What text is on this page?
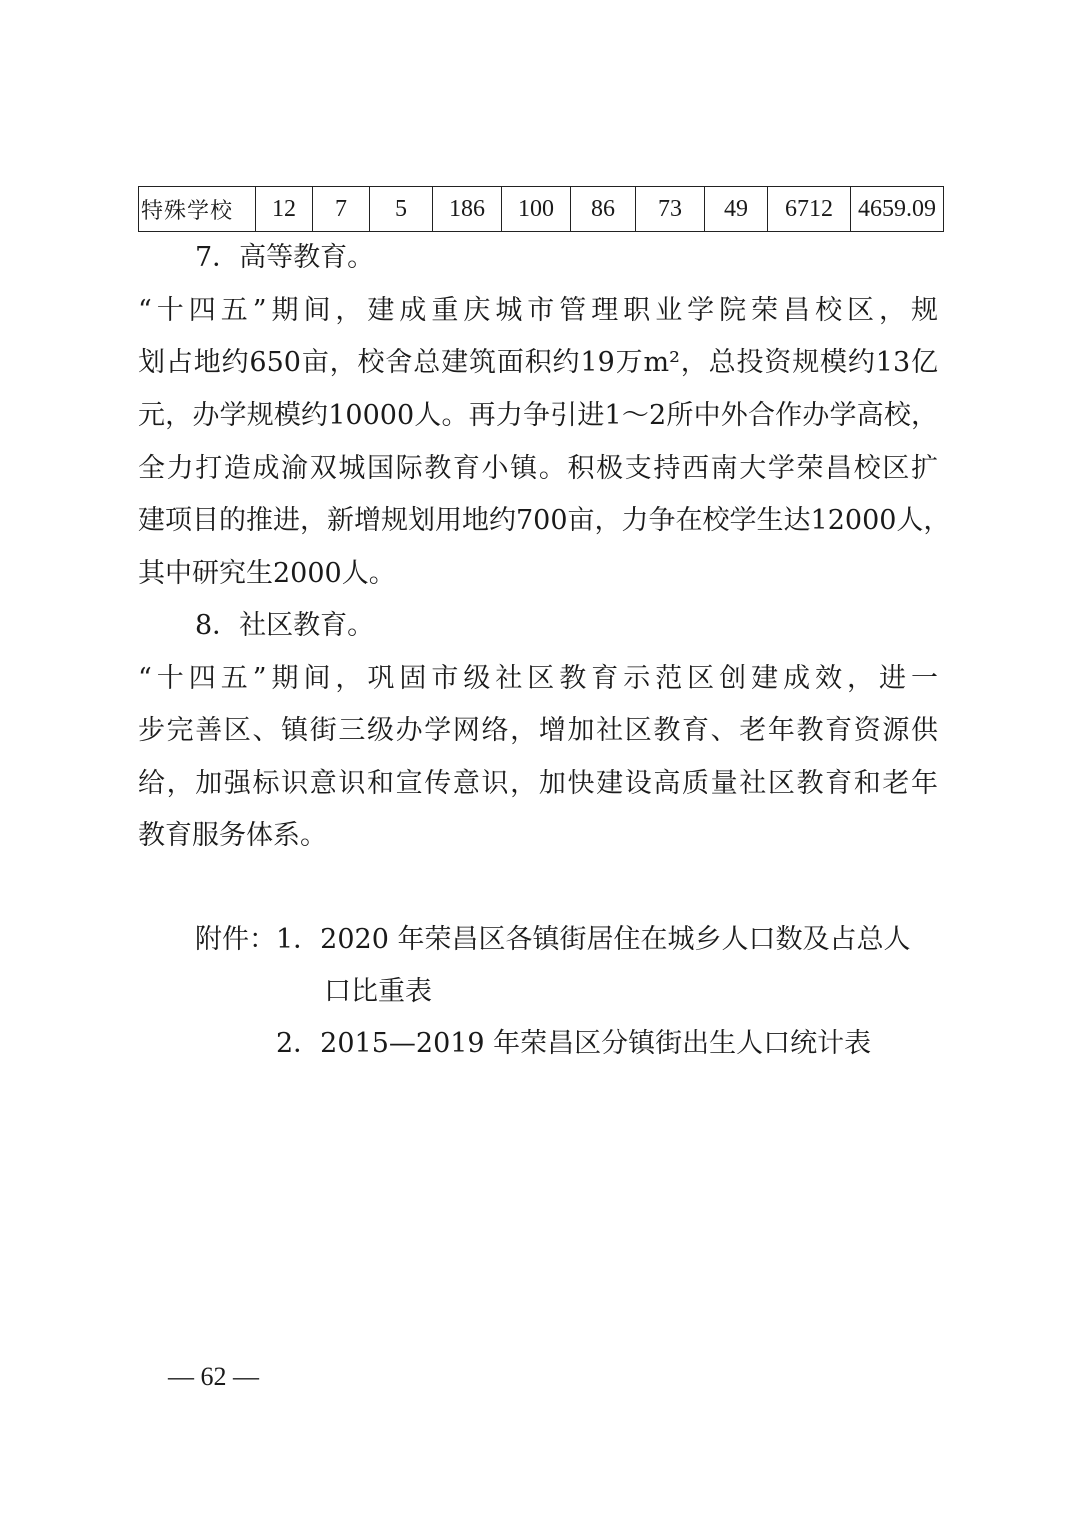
特殊学校	12	7	5	186	100	86	73	49	6712	4659.09
7．高等教育。
“十四五”期间，建成重庆城市管理职业学院荣昌校区，规
划占地约650亩，校舍总建筑面积约19万m²，总投资规模约13亿
元，办学规模约10000人。再力争引进1～2所中外合作办学高校，
全力打造成渝双城国际教育小镇。积极支持西南大学荣昌校区扩
建项目的推进，新增规划用地约700亩，力争在校学生达12000人，
其中研究生2000人。
8．社区教育。
“十四五”期间，巩固市级社区教育示范区创建成效，进一
步完善区、镇街三级办学网络，增加社区教育、老年教育资源供
给，加强标识意识和宣传意识，加快建设高质量社区教育和老年
教育服务体系。
附件： 1．2020 年荣昌区各镇街居住在城乡人口数及占总人
口比重表
2．2015—2019 年荣昌区分镇街出生人口统计表
— 62 —
